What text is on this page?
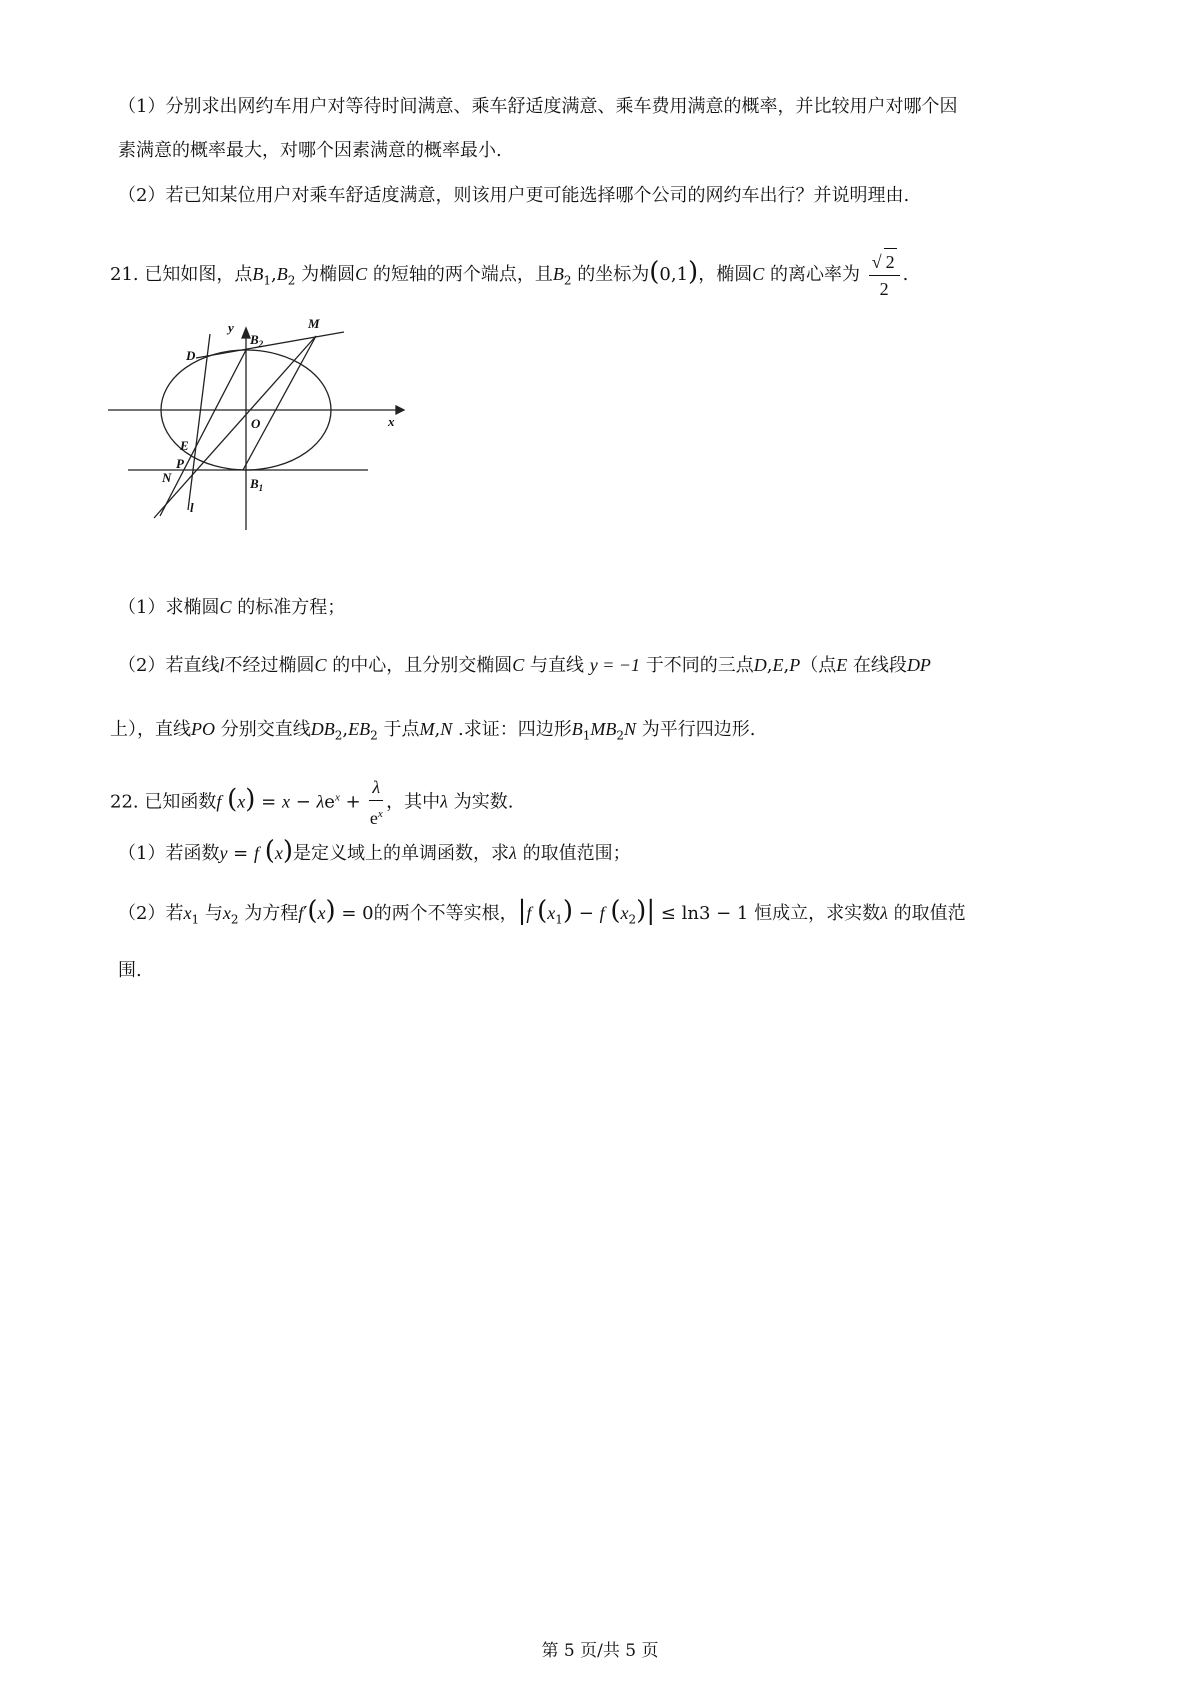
（1）分别求出网约车用户对等待时间满意、乘车舒适度满意、乘车费用满意的概率，并比较用户对哪个因
素满意的概率最大，对哪个因素满意的概率最小.
（2）若已知某位用户对乘车舒适度满意，则该用户更可能选择哪个公司的网约车出行？并说明理由.
21. 已知如图，点$B_1,B_2$ 为椭圆C 的短轴的两个端点，且$B_2$ 的坐标为(0,1)，椭圆C 的离心率为 $\frac{√ 2}{2}$ .
y
x
O
M
D
$B_2$
$B_1$
E
P
N
l
（1）求椭圆C 的标准方程；
（2）若直线l不经过椭圆C 的中心，且分别交椭圆C 与直线 y = −1 于不同的三点D,E,P（点E 在线段DP
上），直线PO 分别交直线$DB_2,EB_2$ 于点M,N .求证：四边形$B_1MB_2N$ 为平行四边形.
22. 已知函数f $(x) = x - \lambda e^x + \frac{\lambda}{e^x}$ ，其中λ 为实数.
（1）若函数y = f (x)是定义域上的单调函数，求λ 的取值范围；
（2）若$x_1$ 与$x_2$ 为方程f′(x) = 0的两个不等实根，|f $(x_1) - f$ $(x_2)| \le \ln 3 - 1$ 恒成立，求实数λ 的取值范
围.
第 5 页/共 5 页
